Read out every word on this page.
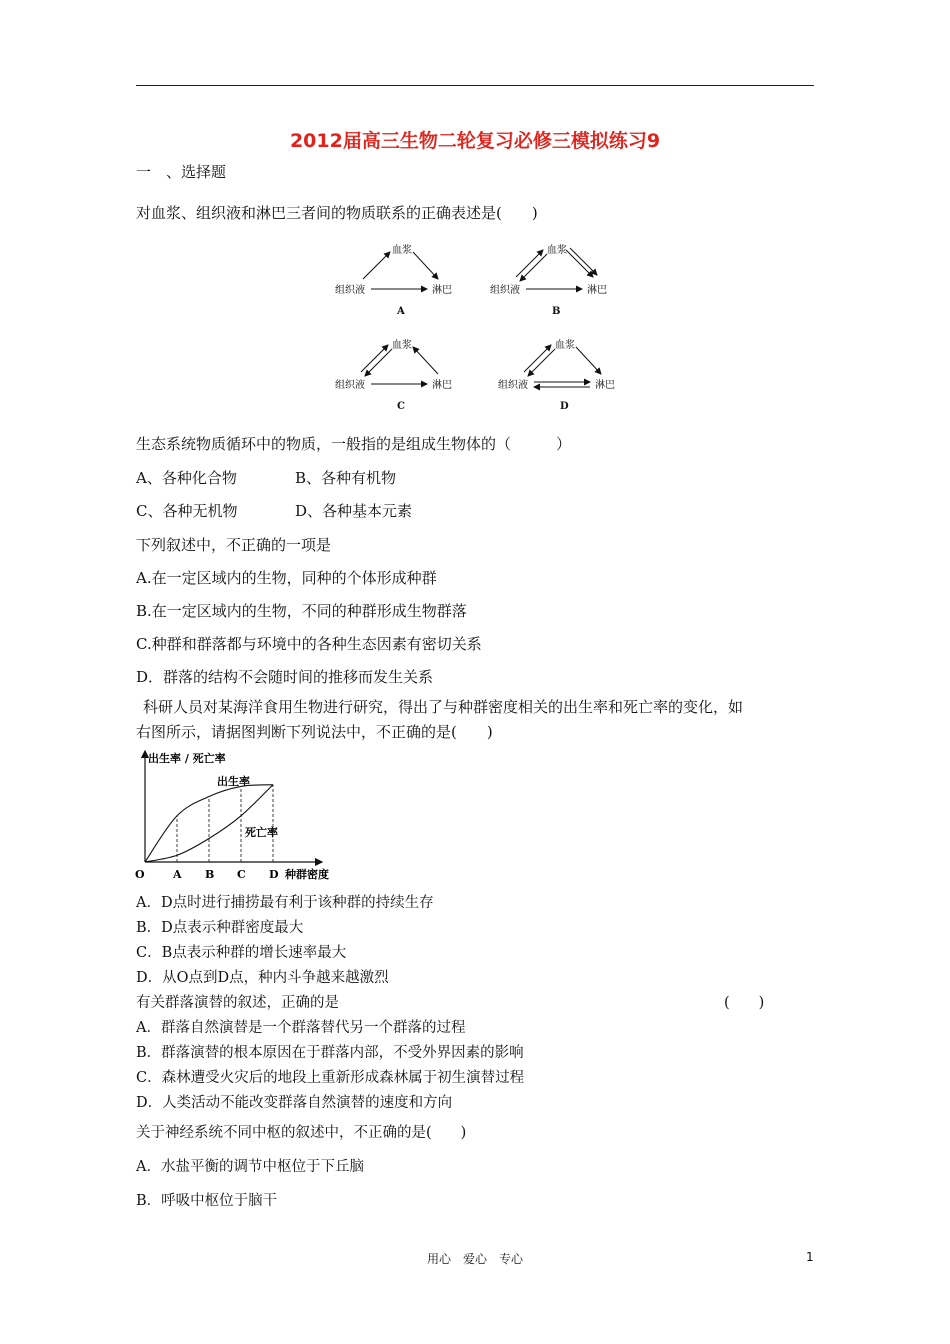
2012届高三生物二轮复习必修三模拟练习9
一　、选择题
对血浆、组织液和淋巴三者间的物质联系的正确表述是(　　)
血浆
组织液	淋巴
A
血浆
组织液	淋巴
B
血浆
组织液	淋巴
C
血浆
组织液	淋巴
D
生态系统物质循环中的物质，一般指的是组成生物体的（　　　）
A、各种化合物	B、各种有机物
C、各种无机物	D、各种基本元素
下列叙述中，不正确的一项是
A.在一定区域内的生物，同种的个体形成种群
B.在一定区域内的生物，不同的种群形成生物群落
C.种群和群落都与环境中的各种生态因素有密切关系
D．群落的结构不会随时间的推移而发生关系
科研人员对某海洋食用生物进行研究，得出了与种群密度相关的出生率和死亡率的变化，如
右图所示，请据图判断下列说法中，不正确的是(　　)
出生率 / 死亡率
种群密度
O	A B C D
出生率
死亡率
A．D点时进行捕捞最有利于该种群的持续生存
B．D点表示种群密度最大
C．B点表示种群的增长速率最大
D．从O点到D点，种内斗争越来越激烈
有关群落演替的叙述，正确的是	(　　)
A．群落自然演替是一个群落替代另一个群落的过程
B．群落演替的根本原因在于群落内部，不受外界因素的影响
C．森林遭受火灾后的地段上重新形成森林属于初生演替过程
D．人类活动不能改变群落自然演替的速度和方向
关于神经系统不同中枢的叙述中，不正确的是(　　)
A．水盐平衡的调节中枢位于下丘脑
B．呼吸中枢位于脑干
用心　爱心　专心	1
